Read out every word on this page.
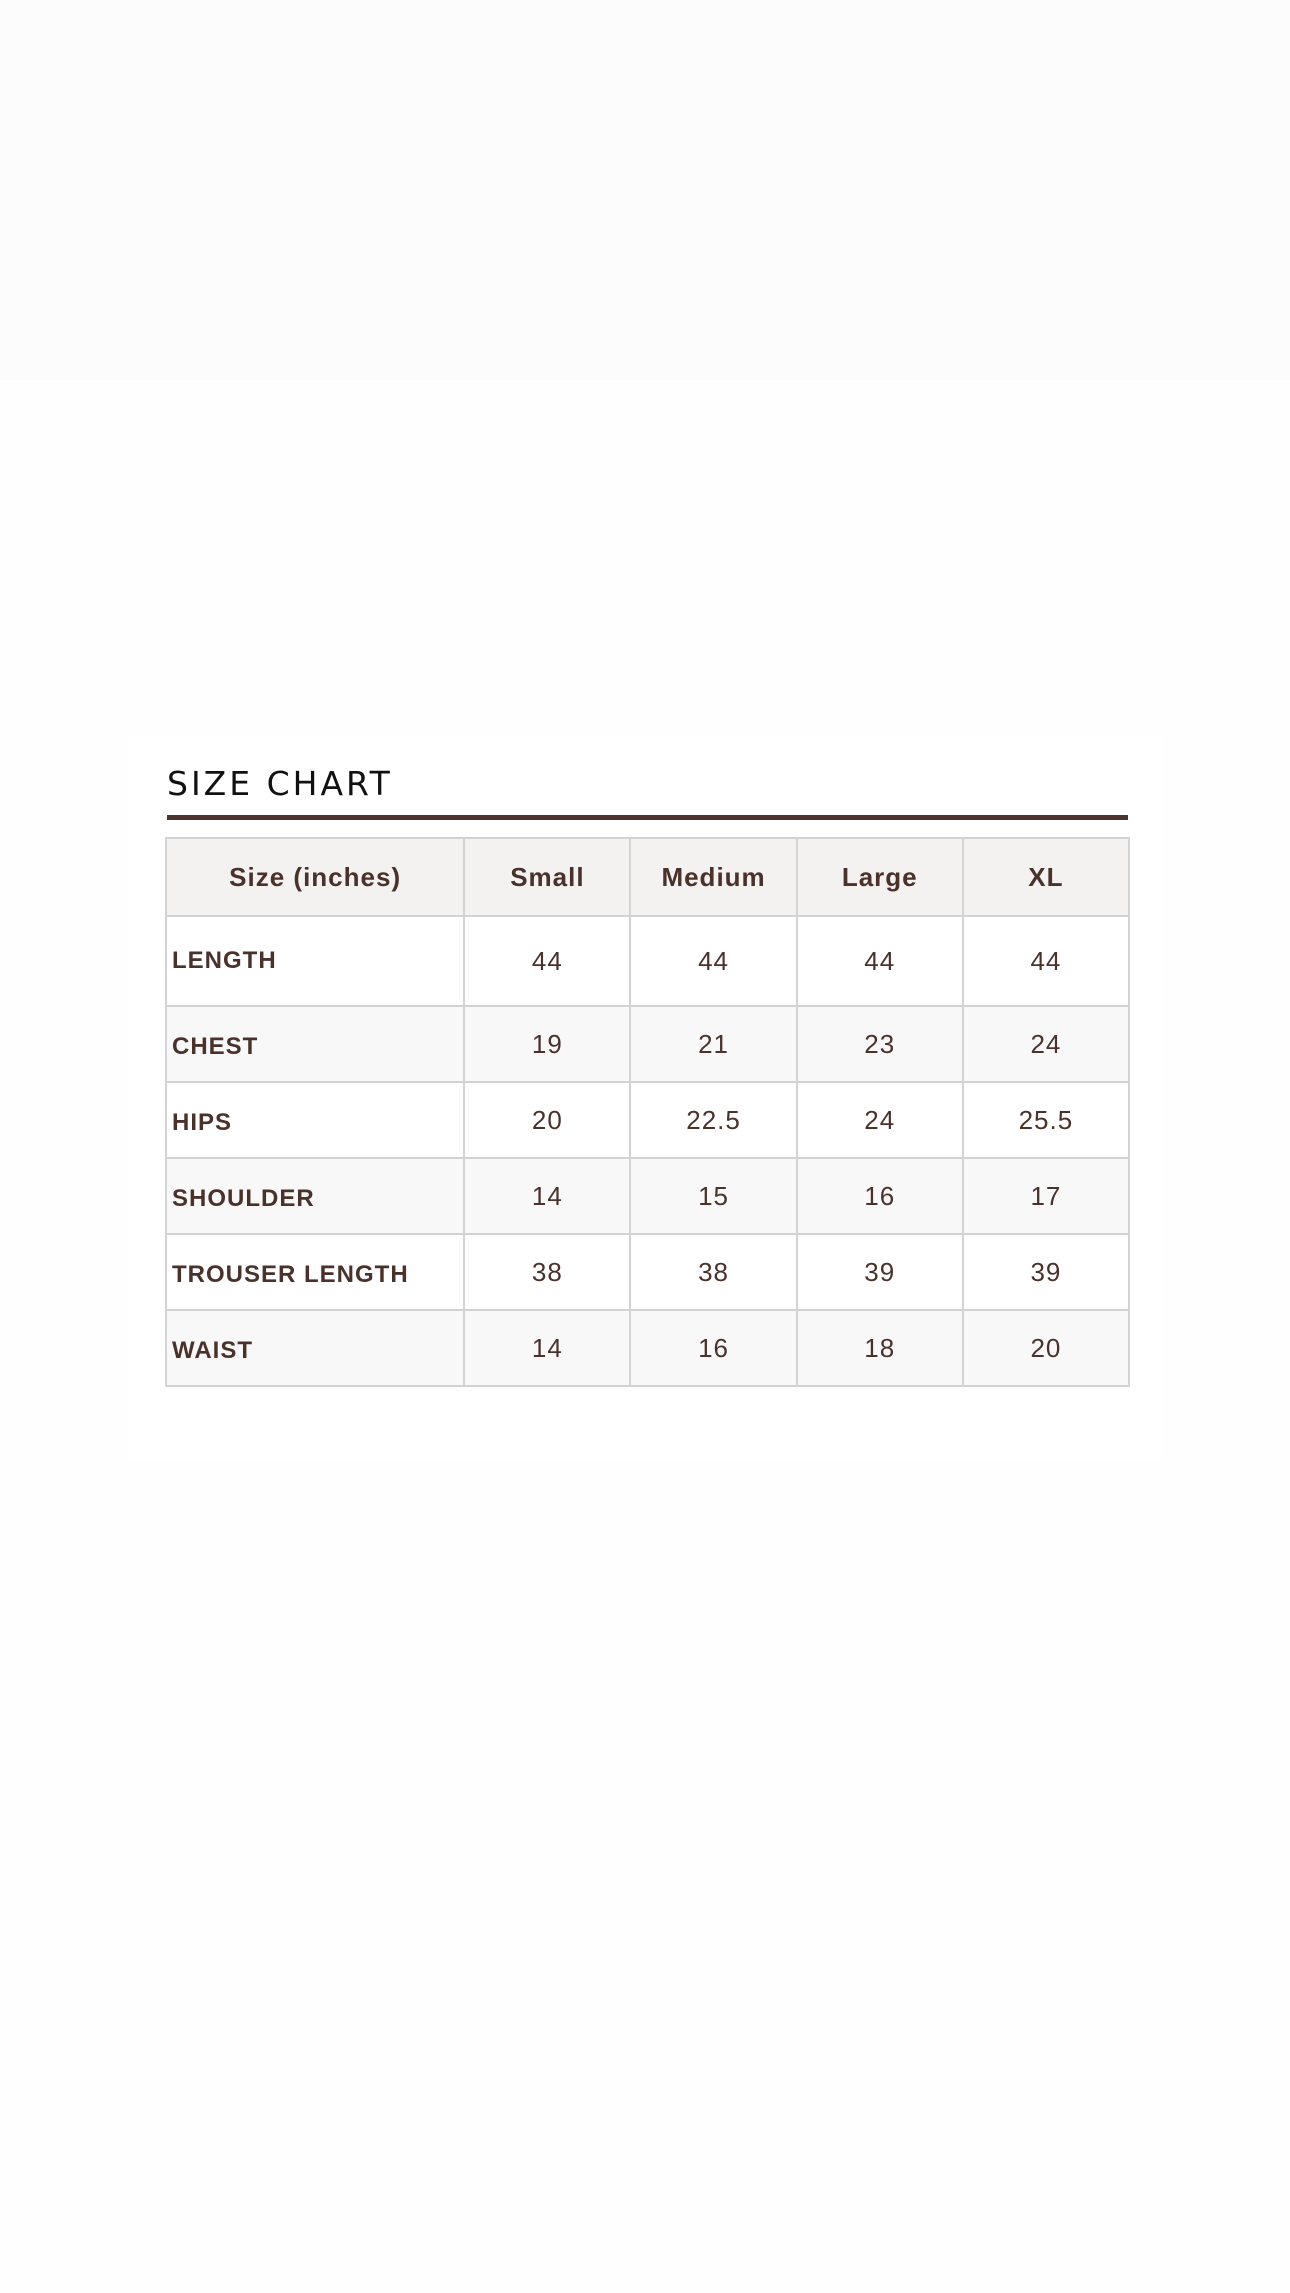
SIZE CHART
Size (inches)	Small	Medium	Large	XL
LENGTH	44	44	44	44
CHEST	19	21	23	24
HIPS	20	22.5	24	25.5
SHOULDER	14	15	16	17
TROUSER LENGTH	38	38	39	39
WAIST	14	16	18	20
